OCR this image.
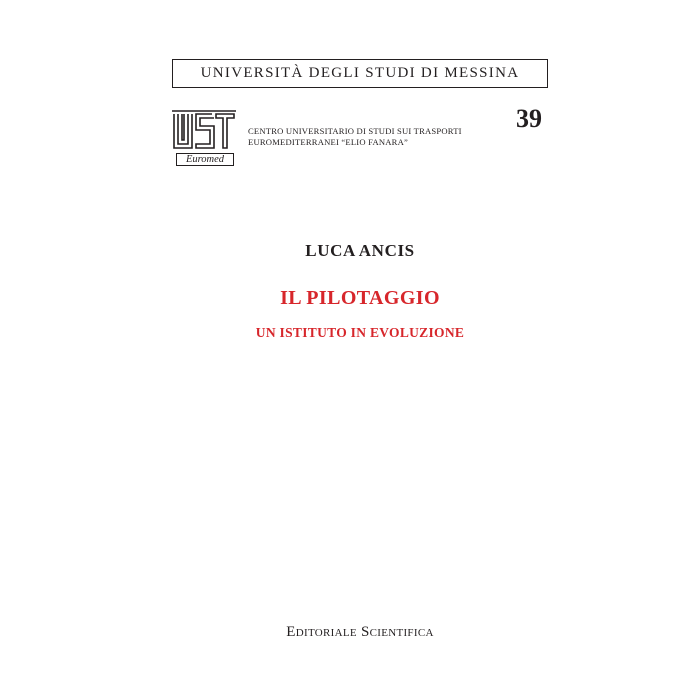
UNIVERSITÀ DEGLI STUDI DI MESSINA
Euromed
CENTRO UNIVERSITARIO DI STUDI SUI TRASPORTI
EUROMEDITERRANEI “ELIO FANARA”
39
LUCA ANCIS
IL PILOTAGGIO
UN ISTITUTO IN EVOLUZIONE
Editoriale Scientifica
